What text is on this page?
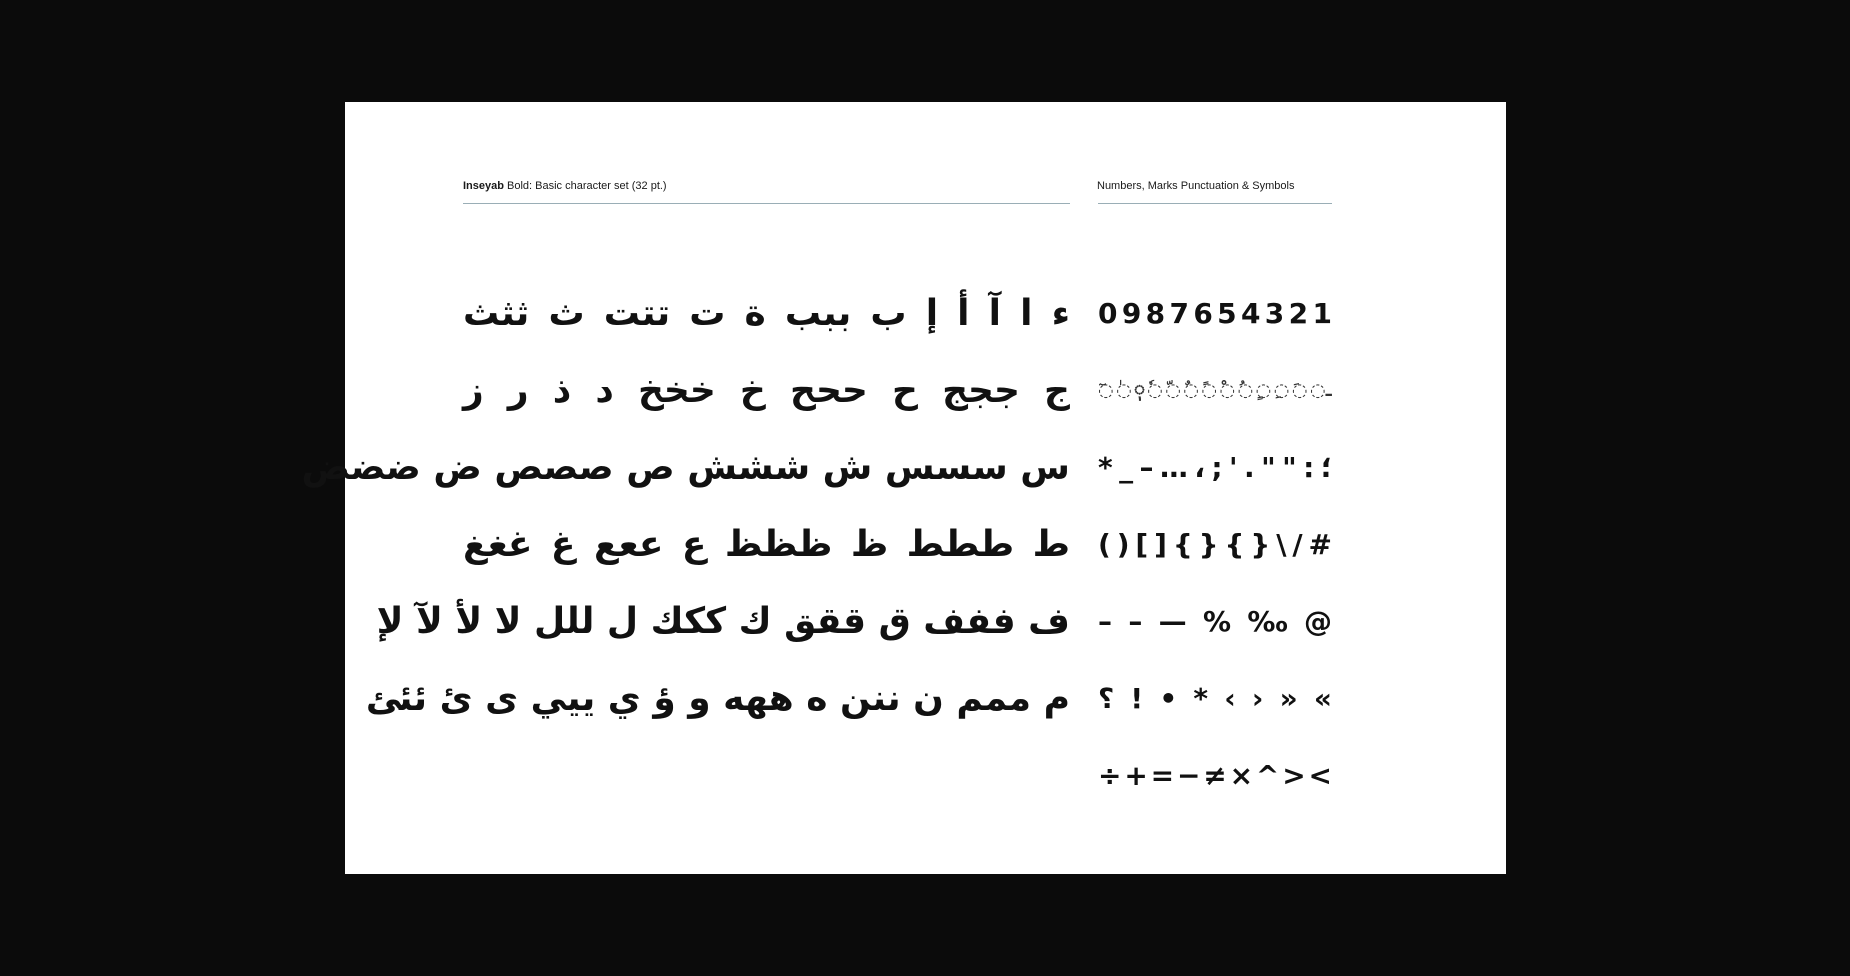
Inseyab Bold: Basic character set (32 pt.)	Numbers, Marks Punctuation & Symbols
ء ا آ أ إ ب ببب ة ت تتت ث ثثث
ج ججج ح ححح خ خخخ د ذ ر ز
س سسس ش ششش ص صصص ض ضضض
ط ططط ظ ظظظ ع ععع غ غغغ
ف ففف ق ققق ك ككك ل للل لا لأ لآ لإ
م ممم ن ننن ه ههه و ؤ ي ييي ى ئ ئئئ
0 9 8 7 6 5 4 3 2 1
◌ٓ ◌ٰ ◌ٖ ◌ٗ ◌ّ ◌ٌ ◌ً ◌ْ ◌ُ ◌ٍ ◌ِ ◌َ ◌ـ
* _ – … ، ; ' . " " : ؛
( ) [ ] { } { } \ / #
– – — % ‰ @
؟ ! • * ‹ › » «
÷ + = − ≠ × ^ > <
